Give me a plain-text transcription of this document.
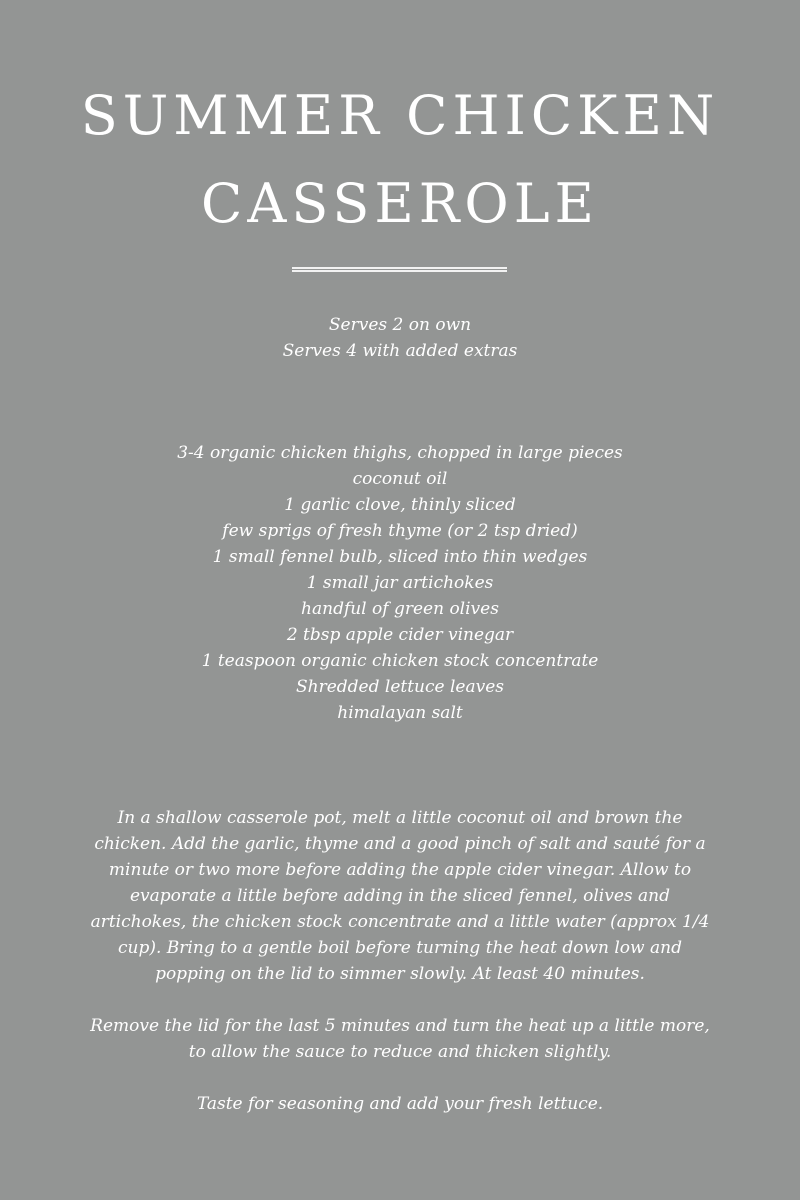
SUMMER CHICKEN
CASSEROLE
Serves 2 on own
Serves 4 with added extras
3-4 organic chicken thighs, chopped in large pieces
coconut oil
1 garlic clove, thinly sliced
few sprigs of fresh thyme (or 2 tsp dried)
1 small fennel bulb, sliced into thin wedges
1 small jar artichokes
handful of green olives
2 tbsp apple cider vinegar
1 teaspoon organic chicken stock concentrate
Shredded lettuce leaves
himalayan salt

In a shallow casserole pot, melt a little coconut oil and brown the
chicken. Add the garlic, thyme and a good pinch of salt and sauté for a
minute or two more before adding the apple cider vinegar. Allow to
evaporate a little before adding in the sliced fennel, olives and
artichokes, the chicken stock concentrate and a little water (approx 1/4
cup). Bring to a gentle boil before turning the heat down low and
popping on the lid to simmer slowly. At least 40 minutes.

Remove the lid for the last 5 minutes and turn the heat up a little more,
to allow the sauce to reduce and thicken slightly.

Taste for seasoning and add your fresh lettuce.
